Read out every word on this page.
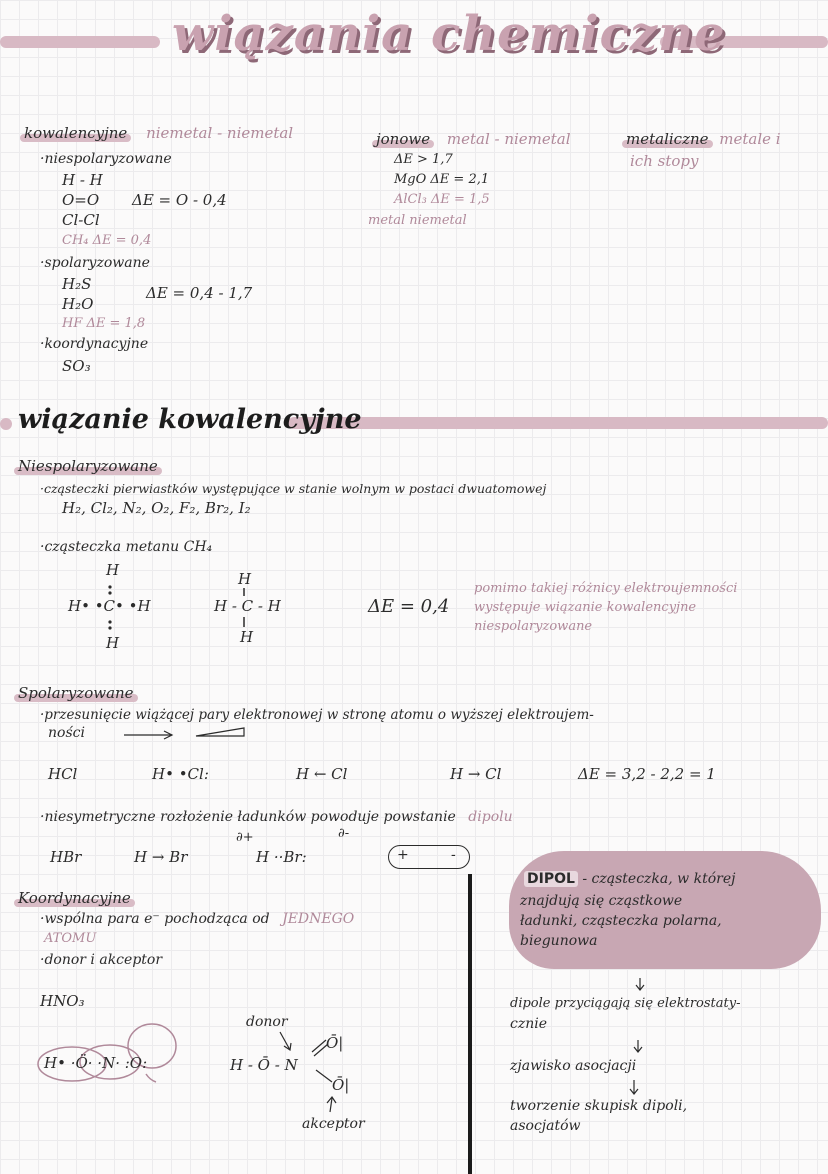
wiązania chemiczne
kowalencyjne niemetal - niemetal
·niespolaryzowane
H - H
O=O
Cl-Cl
ΔE = O - 0,4
CH₄ ΔE = 0,4
·spolaryzowane
H₂S
H₂O
ΔE = 0,4 - 1,7
HF ΔE = 1,8
·koordynacyjne
SO₃
jonowe metal - niemetal
ΔE > 1,7
MgO ΔE = 2,1
AlCl₃ ΔE = 1,5
metal niemetal
metaliczne metale i
ich stopy
wiązanie kowalencyjne
Niespolaryzowane
·cząsteczki pierwiastków występujące w stanie wolnym w postaci dwuatomowej
H₂, Cl₂, N₂, O₂, F₂, Br₂, I₂
·cząsteczka metanu CH₄
H
H• •C• •H
H
H
H - C - H
H
ΔE = 0,4
pomimo takiej różnicy elektroujemności
występuje wiązanie kowalencyjne
niespolaryzowane
Spolaryzowane
·przesunięcie wiążącej pary elektronowej w stronę atomu o wyższej elektroujem-
ności
HCl	H• •Cl:	H ← Cl	H → Cl	ΔE = 3,2 - 2,2 = 1
·niesymetryczne rozłożenie ładunków powoduje powstanie dipolu
HBr	H → Br	H ··Br:
∂+	∂-
+	-
Koordynacyjne
·wspólna para e⁻ pochodząca od JEDNEGO
ATOMU
·donor i akceptor
HNO₃
H• ·Ö· ·N· :O:
donor
H - Ō - N
Ō|
Ō|
akceptor
DIPOL - cząsteczka, w której
znajdują się cząstkowe
ładunki, cząsteczka polarna,
biegunowa
dipole przyciągają się elektrostaty-
cznie
zjawisko asocjacji
tworzenie skupisk dipoli,
asocjatów
